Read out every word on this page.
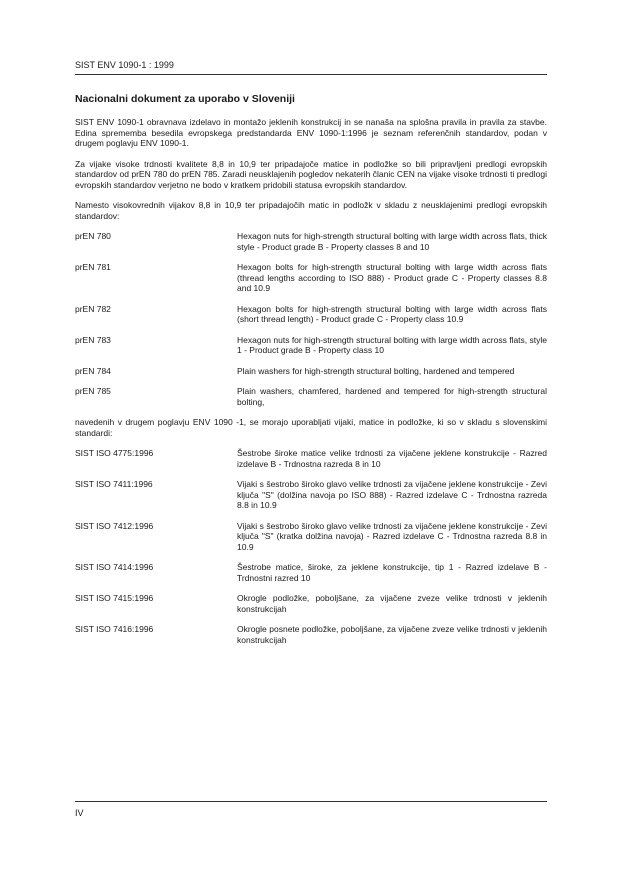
SIST ENV 1090-1 : 1999
Nacionalni dokument za uporabo v Sloveniji

SIST ENV 1090-1 obravnava izdelavo in montažo jeklenih konstrukcij in se nanaša na splošna pravila in pravila za stavbe. Edina sprememba besedila evropskega predstandarda ENV 1090-1:1996 je seznam referenčnih standardov, podan v drugem poglavju ENV 1090-1.

Za vijake visoke trdnosti kvalitete 8,8 in 10,9 ter pripadajoče matice in podložke so bili pripravljeni predlogi evropskih standardov od prEN 780 do prEN 785. Zaradi neusklajenih pogledov nekaterih članic CEN na vijake visoke trdnosti ti predlogi evropskih standardov verjetno ne bodo v kratkem pridobili statusa evropskih standardov.

Namesto visokovrednih vijakov 8,8 in 10,9 ter pripadajočih matic in podložk v skladu z neusklajenimi predlogi evropskih standardov:

prEN 780	Hexagon nuts for high-strength structural bolting with large width across flats, thick style - Product grade B - Property classes 8 and 10
prEN 781	Hexagon bolts for high-strength structural bolting with large width across flats (thread lengths according to ISO 888) - Product grade C - Property classes 8.8 and 10.9
prEN 782	Hexagon bolts for high-strength structural bolting with large width across flats (short thread length) - Product grade C - Property class 10.9
prEN 783	Hexagon nuts for high-strength structural bolting with large width across flats, style 1 - Product grade B - Property class 10
prEN 784	Plain washers for high-strength structural bolting, hardened and tempered
prEN 785	Plain washers, chamfered, hardened and tempered for high-strength structural bolting,

navedenih v drugem poglavju ENV 1090 -1, se morajo uporabljati vijaki, matice in podložke, ki so v skladu s slovenskimi standardi:

SIST ISO 4775:1996	Šestrobe široke matice velike trdnosti za vijačene jeklene konstrukcije - Razred izdelave B - Trdnostna razreda 8 in 10
SIST ISO 7411:1996	Vijaki s šestrobo široko glavo velike trdnosti za vijačene jeklene konstrukcije - Zevi ključa "S" (dolžina navoja po ISO 888) - Razred izdelave C - Trdnostna razreda 8.8 in 10.9
SIST ISO 7412:1996	Vijaki s šestrobo široko glavo velike trdnosti za vijačene jeklene konstrukcije - Zevi ključa "S" (kratka dolžina navoja) - Razred izdelave C - Trdnostna razreda 8.8 in 10.9
SIST ISO 7414:1996	Šestrobe matice, široke, za jeklene konstrukcije, tip 1 - Razred izdelave B - Trdnostni razred 10
SIST ISO 7415:1996	Okrogle podložke, poboljšane, za vijačene zveze velike trdnosti v jeklenih konstrukcijah
SIST ISO 7416:1996	Okrogle posnete podložke, poboljšane, za vijačene zveze velike trdnosti v jeklenih konstrukcijah
IV
